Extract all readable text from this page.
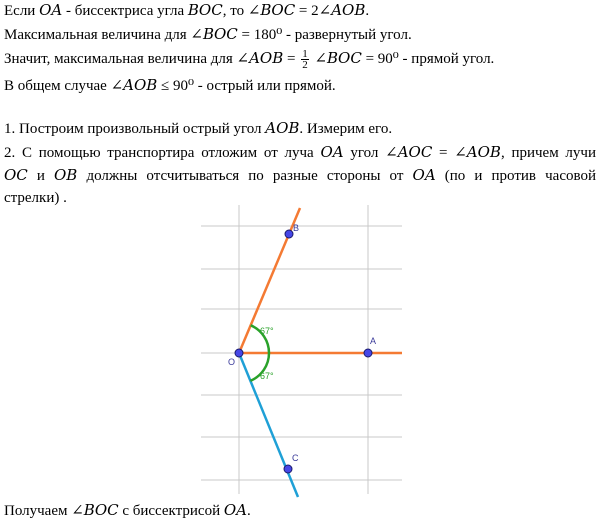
Если 𝑂𝐴 - биссектриса угла 𝐵𝑂𝐶, то ∠𝐵𝑂𝐶 = 2∠𝐴𝑂𝐵.
Максимальная величина для ∠𝐵𝑂𝐶 = 180⁰ - развернутый угол.
Значит, максимальная величина для ∠𝐴𝑂𝐵 = $\frac{1}{2}$ ∠𝐵𝑂𝐶 = 90⁰ - прямой угол.
В общем случае ∠𝐴𝑂𝐵 ≤ 90⁰ - острый или прямой.
1. Построим произвольный острый угол 𝐴𝑂𝐵. Измерим его.
2. С помощью транспортира отложим от луча 𝑂𝐴 угол ∠𝐴𝑂𝐶 = ∠𝐴𝑂𝐵, причем лучи
𝑂𝐶 и 𝑂𝐵 должны отсчитываться по разные стороны от 𝑂𝐴 (по и против часовой
стрелки) .
67°
67°
O
A
B
C
Получаем ∠𝐵𝑂𝐶 с биссектрисой 𝑂𝐴.
